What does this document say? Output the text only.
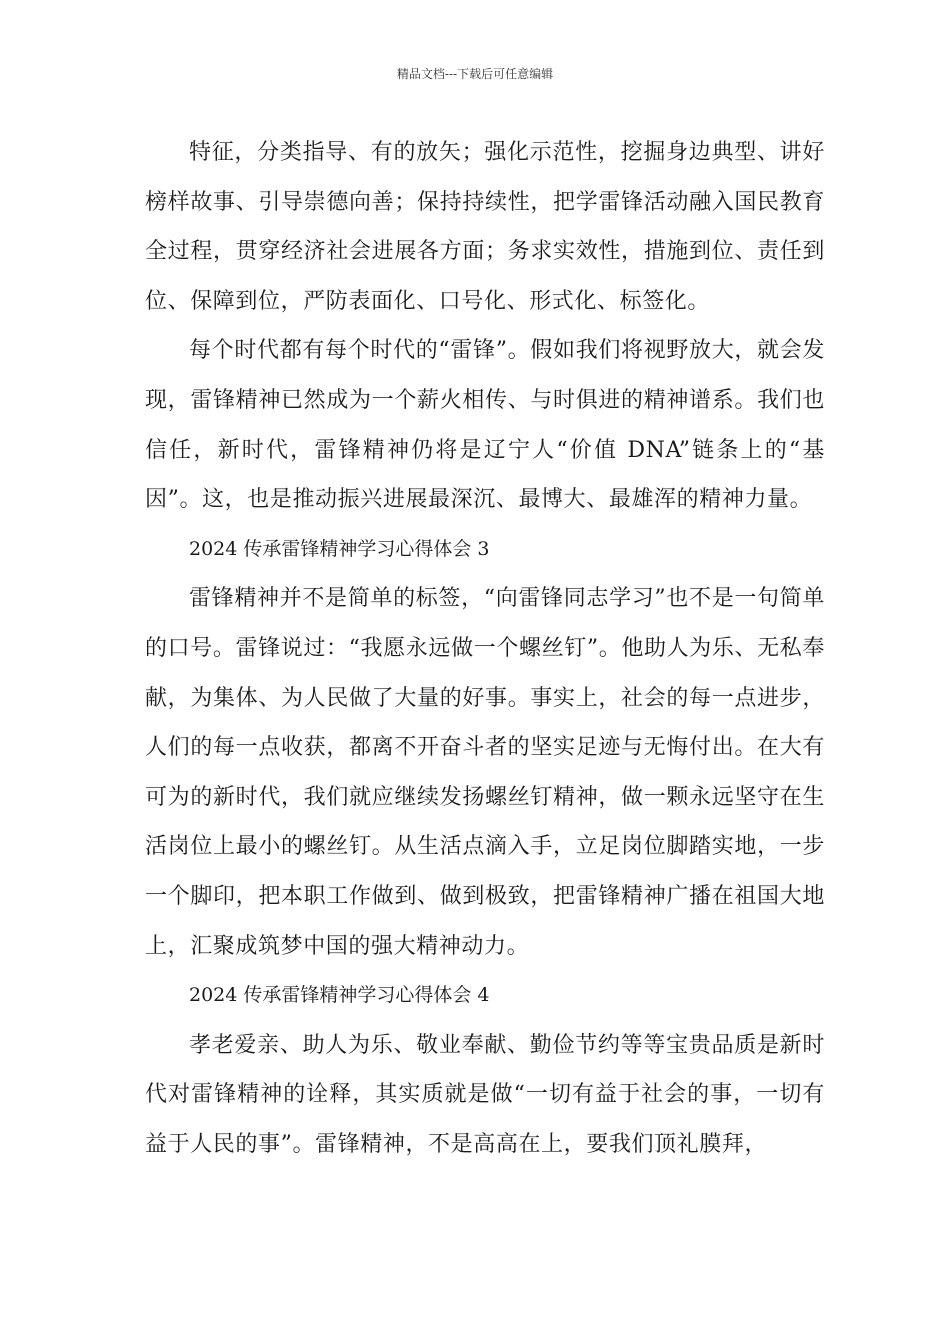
精品文档---下载后可任意编辑

特征，分类指导、有的放矢；强化示范性，挖掘身边典型、讲好榜样故事、引导崇德向善；保持持续性，把学雷锋活动融入国民教育全过程，贯穿经济社会进展各方面；务求实效性，措施到位、责任到位、保障到位，严防表面化、口号化、形式化、标签化。

每个时代都有每个时代的“雷锋”。假如我们将视野放大，就会发现，雷锋精神已然成为一个薪火相传、与时俱进的精神谱系。我们也信任，新时代，雷锋精神仍将是辽宁人“价值 DNA”链条上的“基因”。这，也是推动振兴进展最深沉、最博大、最雄浑的精神力量。

2024 传承雷锋精神学习心得体会 3

雷锋精神并不是简单的标签，“向雷锋同志学习”也不是一句简单的口号。雷锋说过：“我愿永远做一个螺丝钉”。他助人为乐、无私奉献，为集体、为人民做了大量的好事。事实上，社会的每一点进步，人们的每一点收获，都离不开奋斗者的坚实足迹与无悔付出。在大有可为的新时代，我们就应继续发扬螺丝钉精神，做一颗永远坚守在生活岗位上最小的螺丝钉。从生活点滴入手，立足岗位脚踏实地，一步一个脚印，把本职工作做到、做到极致，把雷锋精神广播在祖国大地上，汇聚成筑梦中国的强大精神动力。

2024 传承雷锋精神学习心得体会 4

孝老爱亲、助人为乐、敬业奉献、勤俭节约等等宝贵品质是新时代对雷锋精神的诠释，其实质就是做“一切有益于社会的事，一切有益于人民的事”。雷锋精神，不是高高在上，要我们顶礼膜拜，
